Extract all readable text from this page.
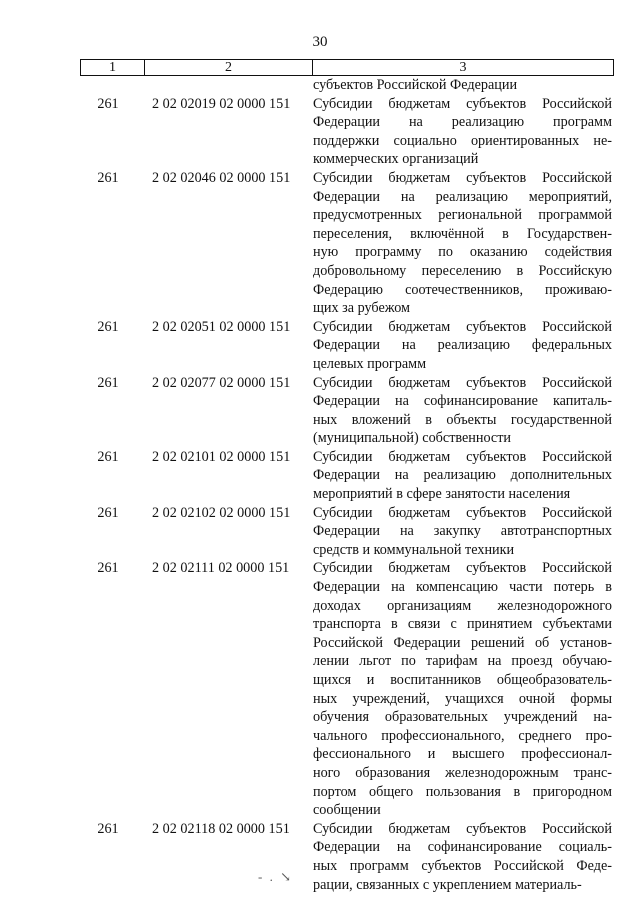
30
1	2	3
субъектов Российской Федерации
261	2 02 02019 02 0000 151	Субсидии бюджетам субъектов Российской
Федерации на реализацию программ
поддержки социально ориентированных не-
коммерческих организаций
261	2 02 02046 02 0000 151	Субсидии бюджетам субъектов Российской
Федерации на реализацию мероприятий,
предусмотренных региональной программой
переселения, включённой в Государствен-
ную программу по оказанию содействия
добровольному переселению в Российскую
Федерацию соотечественников, проживаю-
щих за рубежом
261	2 02 02051 02 0000 151	Субсидии бюджетам субъектов Российской
Федерации на реализацию федеральных
целевых программ
261	2 02 02077 02 0000 151	Субсидии бюджетам субъектов Российской
Федерации на софинансирование капиталь-
ных вложений в объекты государственной
(муниципальной) собственности
261	2 02 02101 02 0000 151	Субсидии бюджетам субъектов Российской
Федерации на реализацию дополнительных
мероприятий в сфере занятости населения
261	2 02 02102 02 0000 151	Субсидии бюджетам субъектов Российской
Федерации на закупку автотранспортных
средств и коммунальной техники
261	2 02 02111 02 0000 151	Субсидии бюджетам субъектов Российской
Федерации на компенсацию части потерь в
доходах организациям железнодорожного
транспорта в связи с принятием субъектами
Российской Федерации решений об установ-
лении льгот по тарифам на проезд обучаю-
щихся и воспитанников общеобразователь-
ных учреждений, учащихся очной формы
обучения образовательных учреждений на-
чального профессионального, среднего про-
фессионального и высшего профессионал-
ного образования железнодорожным транс-
портом общего пользования в пригородном
сообщении
261	2 02 02118 02 0000 151	Субсидии бюджетам субъектов Российской
Федерации на софинансирование социаль-
ных программ субъектов Российской Феде-
рации, связанных с укреплением материаль-
- . ↘
